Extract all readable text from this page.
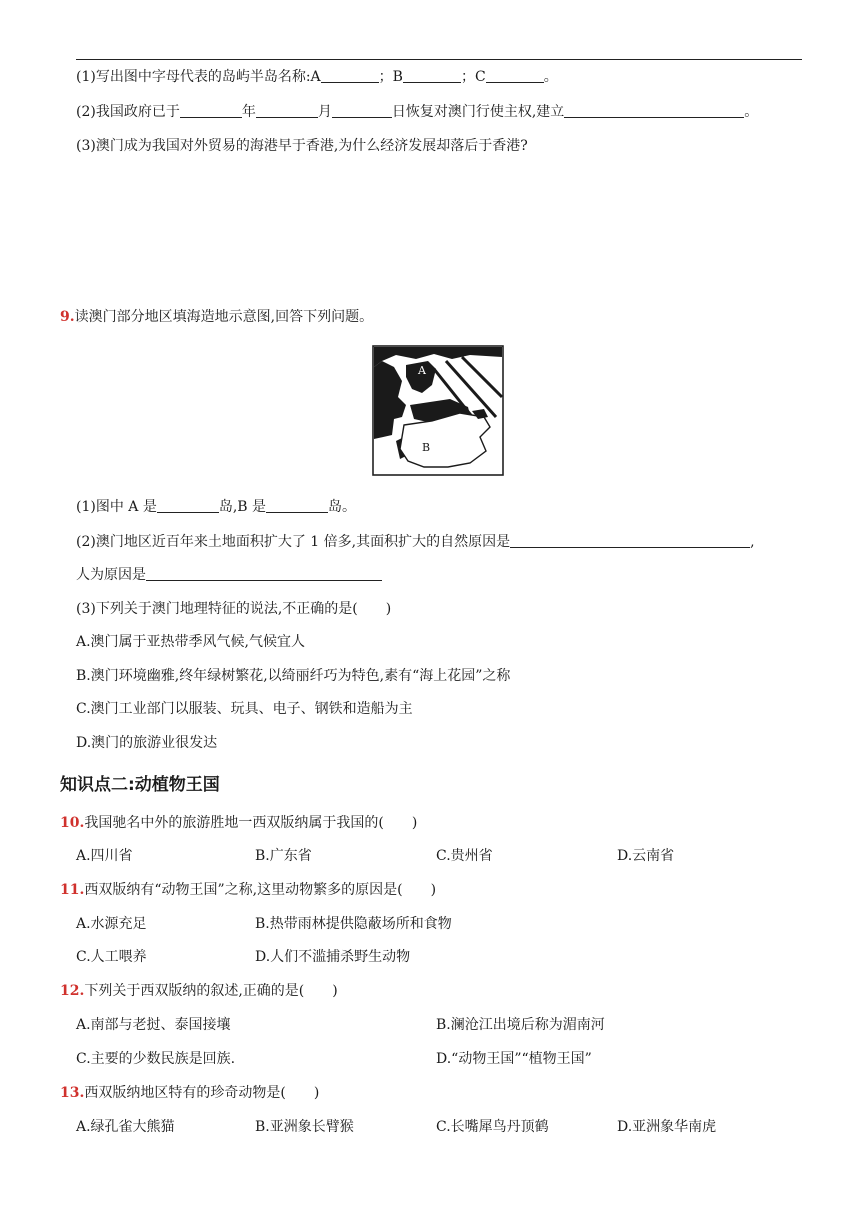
(1)写出图中字母代表的岛屿半岛名称:A	；B	；C	。
(2)我国政府已于	年	月	日恢复对澳门行使主权,建立	。
(3)澳门成为我国对外贸易的海港早于香港,为什么经济发展却落后于香港?
9.读澳门部分地区填海造地示意图,回答下列问题。
A
B
(1)图中 A 是	岛,B 是	岛。
(2)澳门地区近百年来土地面积扩大了 1 倍多,其面积扩大的自然原因是	,
人为原因是
(3)下列关于澳门地理特征的说法,不正确的是(　　)
A.澳门属于亚热带季风气候,气候宜人
B.澳门环境幽雅,终年绿树繁花,以绮丽纤巧为特色,素有“海上花园”之称
C.澳门工业部门以服装、玩具、电子、钢铁和造船为主
D.澳门的旅游业很发达
知识点二:动植物王国
10.我国驰名中外的旅游胜地一西双版纳属于我国的(　　)
A.四川省	B.广东省	C.贵州省	D.云南省
11.西双版纳有“动物王国”之称,这里动物繁多的原因是(　　)
A.水源充足	B.热带雨林提供隐蔽场所和食物
C.人工喂养	D.人们不滥捕杀野生动物
12.下列关于西双版纳的叙述,正确的是(　　)
A.南部与老挝、泰国接壤	B.澜沧江出境后称为湄南河
C.主要的少数民族是回族.	D.“动物王国”“植物王国”
13.西双版纳地区特有的珍奇动物是(　　)
A.绿孔雀大熊猫	B.亚洲象长臂猴	C.长嘴犀鸟丹顶鹤	D.亚洲象华南虎
